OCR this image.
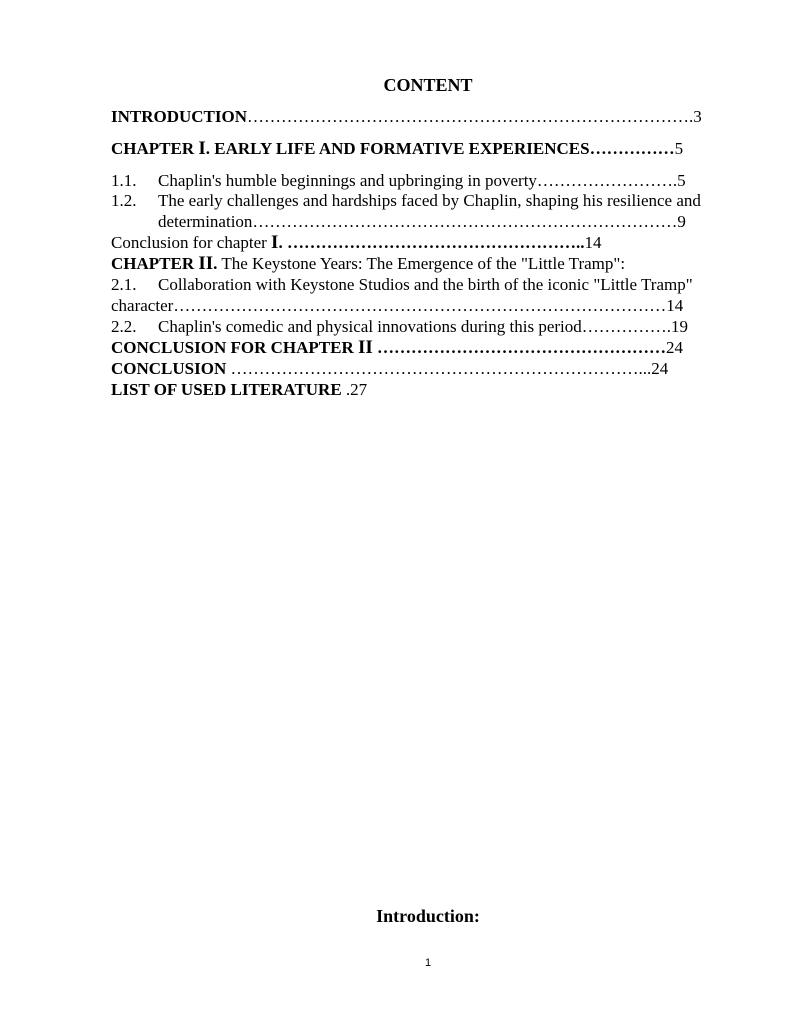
CONTENT
INTRODUCTION…………………………………………………………………….3
CHAPTER I. EARLY LIFE AND FORMATIVE EXPERIENCES……………5
1.1. Chaplin's humble beginnings and upbringing in poverty…………………….5
1.2. The early challenges and hardships faced by Chaplin, shaping his resilience and
determination…………………………………………………………………9
Conclusion for chapter I. ……………………………………………..14
CHAPTER II. The Keystone Years: The Emergence of the "Little Tramp":
2.1. Collaboration with Keystone Studios and the birth of the iconic "Little Tramp"
character……………………………………………………………………………14
2.2. Chaplin's comedic and physical innovations during this period…………….19
CONCLUSION FOR CHAPTER II ……………………………………………24
CONCLUSION ………………………………………………………………...24
LIST OF USED LITERATURE .27
Introduction:
1
